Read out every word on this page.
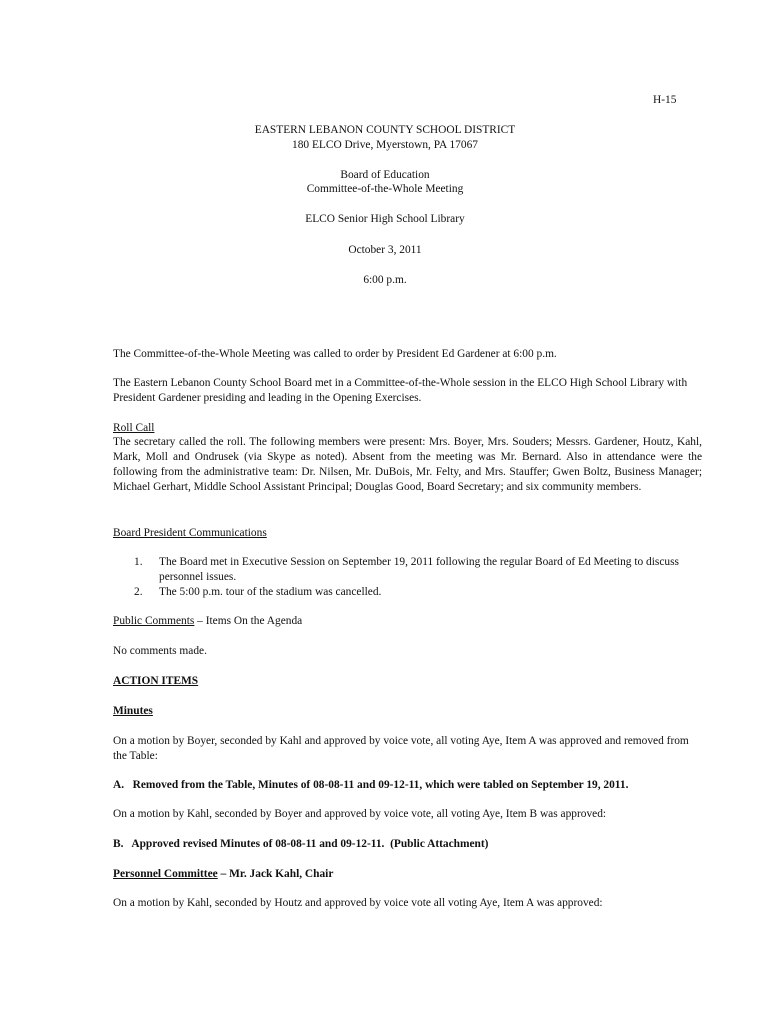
H-15

EASTERN LEBANON COUNTY SCHOOL DISTRICT

180 ELCO Drive, Myerstown, PA 17067

Board of Education

Committee-of-the-Whole Meeting

ELCO Senior High School Library

October 3, 2011

6:00 p.m.

The Committee-of-the-Whole Meeting was called to order by President Ed Gardener at 6:00 p.m.

The Eastern Lebanon County School Board met in a Committee-of-the-Whole session in the ELCO High School Library with President Gardener presiding and leading in the Opening Exercises.

Roll Call

The secretary called the roll. The following members were present: Mrs. Boyer, Mrs. Souders; Messrs. Gardener, Houtz, Kahl, Mark, Moll and Ondrusek (via Skype as noted). Absent from the meeting was Mr. Bernard. Also in attendance were the following from the administrative team: Dr. Nilsen, Mr. DuBois, Mr. Felty, and Mrs. Stauffer; Gwen Boltz, Business Manager; Michael Gerhart, Middle School Assistant Principal; Douglas Good, Board Secretary; and six community members.

Board President Communications

1. The Board met in Executive Session on September 19, 2011 following the regular Board of Ed Meeting to discuss personnel issues.
2. The 5:00 p.m. tour of the stadium was cancelled.

Public Comments – Items On the Agenda

No comments made.

ACTION ITEMS

Minutes

On a motion by Boyer, seconded by Kahl and approved by voice vote, all voting Aye, Item A was approved and removed from the Table:

A.   Removed from the Table, Minutes of 08-08-11 and 09-12-11, which were tabled on September 19, 2011.

On a motion by Kahl, seconded by Boyer and approved by voice vote, all voting Aye, Item B was approved:

B.   Approved revised Minutes of 08-08-11 and 09-12-11.  (Public Attachment)

Personnel Committee – Mr. Jack Kahl, Chair

On a motion by Kahl, seconded by Houtz and approved by voice vote all voting Aye, Item A was approved:
